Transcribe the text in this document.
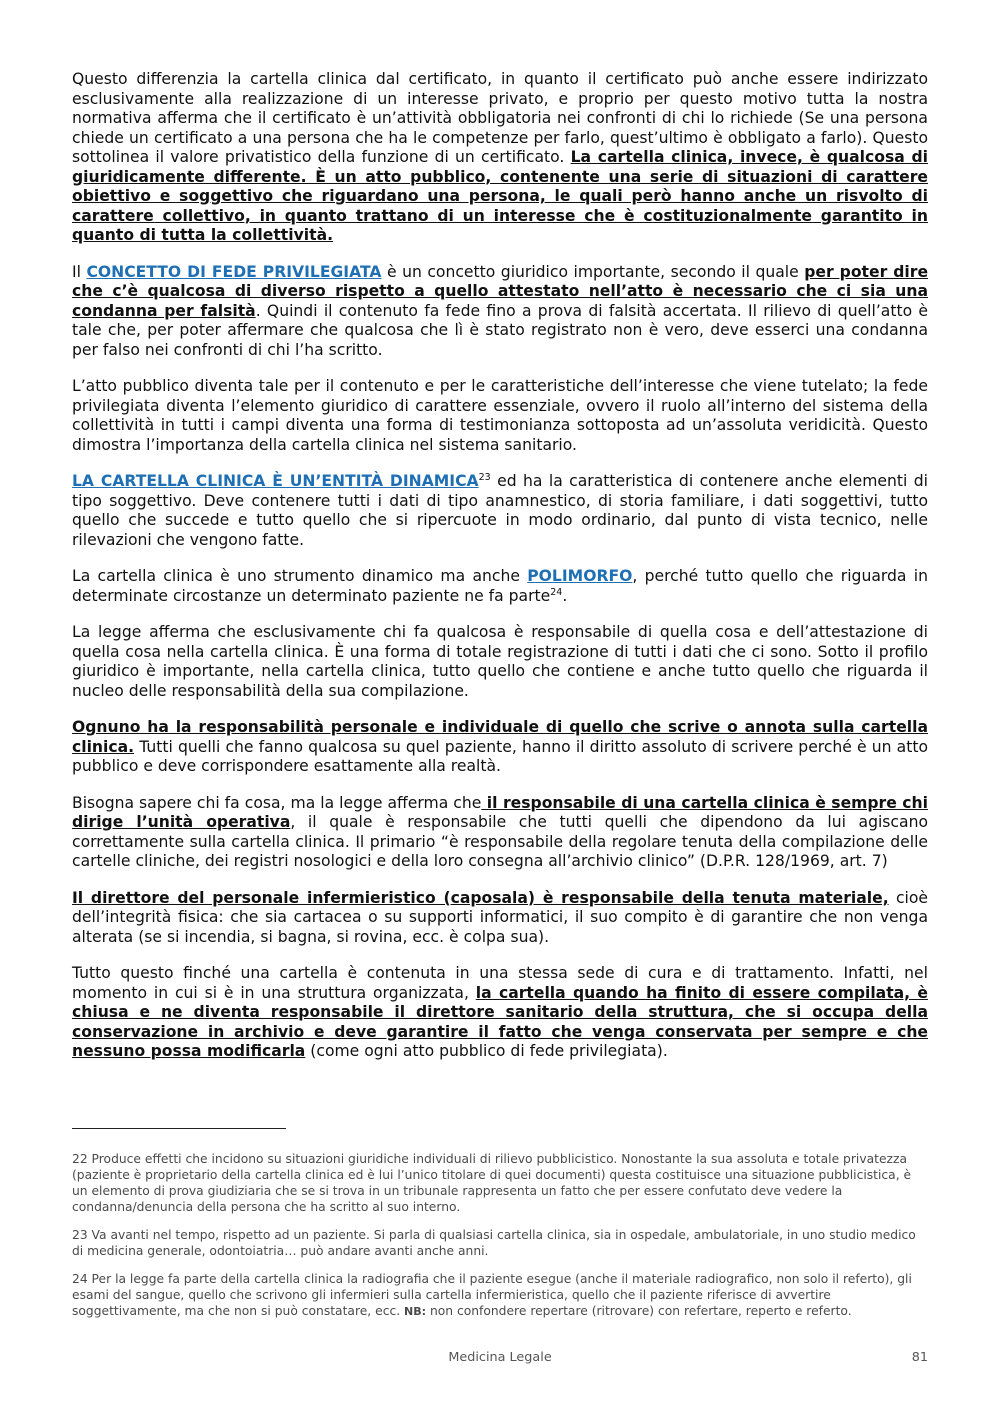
Questo differenzia la cartella clinica dal certificato, in quanto il certificato può anche essere indirizzato esclusivamente alla realizzazione di un interesse privato, e proprio per questo motivo tutta la nostra normativa afferma che il certificato è un’attività obbligatoria nei confronti di chi lo richiede (Se una persona chiede un certificato a una persona che ha le competenze per farlo, quest’ultimo è obbligato a farlo). Questo sottolinea il valore privatistico della funzione di un certificato. La cartella clinica, invece, è qualcosa di giuridicamente differente. È un atto pubblico, contenente una serie di situazioni di carattere obiettivo e soggettivo che riguardano una persona, le quali però hanno anche un risvolto di carattere collettivo, in quanto trattano di un interesse che è costituzionalmente garantito in quanto di tutta la collettività.

Il CONCETTO DI FEDE PRIVILEGIATA è un concetto giuridico importante, secondo il quale per poter dire che c’è qualcosa di diverso rispetto a quello attestato nell’atto è necessario che ci sia una condanna per falsità. Quindi il contenuto fa fede fino a prova di falsità accertata. Il rilievo di quell’atto è tale che, per poter affermare che qualcosa che lì è stato registrato non è vero, deve esserci una condanna per falso nei confronti di chi l’ha scritto.

L’atto pubblico diventa tale per il contenuto e per le caratteristiche dell’interesse che viene tutelato; la fede privilegiata diventa l’elemento giuridico di carattere essenziale, ovvero il ruolo all’interno del sistema della collettività in tutti i campi diventa una forma di testimonianza sottoposta ad un’assoluta veridicità. Questo dimostra l’importanza della cartella clinica nel sistema sanitario.

LA CARTELLA CLINICA È UN’ENTITÀ DINAMICA$^{23}$ ed ha la caratteristica di contenere anche elementi di tipo soggettivo. Deve contenere tutti i dati di tipo anamnestico, di storia familiare, i dati soggettivi, tutto quello che succede e tutto quello che si ripercuote in modo ordinario, dal punto di vista tecnico, nelle rilevazioni che vengono fatte.

La cartella clinica è uno strumento dinamico ma anche POLIMORFO, perché tutto quello che riguarda in determinate circostanze un determinato paziente ne fa parte$^{24}$.

La legge afferma che esclusivamente chi fa qualcosa è responsabile di quella cosa e dell’attestazione di quella cosa nella cartella clinica. È una forma di totale registrazione di tutti i dati che ci sono. Sotto il profilo giuridico è importante, nella cartella clinica, tutto quello che contiene e anche tutto quello che riguarda il nucleo delle responsabilità della sua compilazione.

Ognuno ha la responsabilità personale e individuale di quello che scrive o annota sulla cartella clinica. Tutti quelli che fanno qualcosa su quel paziente, hanno il diritto assoluto di scrivere perché è un atto pubblico e deve corrispondere esattamente alla realtà.

Bisogna sapere chi fa cosa, ma la legge afferma che il responsabile di una cartella clinica è sempre chi dirige l’unità operativa, il quale è responsabile che tutti quelli che dipendono da lui agiscano correttamente sulla cartella clinica. Il primario “è responsabile della regolare tenuta della compilazione delle cartelle cliniche, dei registri nosologici e della loro consegna all’archivio clinico” (D.P.R. 128/1969, art. 7)

Il direttore del personale infermieristico (caposala) è responsabile della tenuta materiale, cioè dell’integrità fisica: che sia cartacea o su supporti informatici, il suo compito è di garantire che non venga alterata (se si incendia, si bagna, si rovina, ecc. è colpa sua).

Tutto questo finché una cartella è contenuta in una stessa sede di cura e di trattamento. Infatti, nel momento in cui si è in una struttura organizzata, la cartella quando ha finito di essere compilata, è chiusa e ne diventa responsabile il direttore sanitario della struttura, che si occupa della conservazione in archivio e deve garantire il fatto che venga conservata per sempre e che nessuno possa modificarla (come ogni atto pubblico di fede privilegiata).

22 Produce effetti che incidono su situazioni giuridiche individuali di rilievo pubblicistico. Nonostante la sua assoluta e totale privatezza (paziente è proprietario della cartella clinica ed è lui l’unico titolare di quei documenti) questa costituisce una situazione pubblicistica, è un elemento di prova giudiziaria che se si trova in un tribunale rappresenta un fatto che per essere confutato deve vedere la condanna/denuncia della persona che ha scritto al suo interno.

23 Va avanti nel tempo, rispetto ad un paziente. Si parla di qualsiasi cartella clinica, sia in ospedale, ambulatoriale, in uno studio medico di medicina generale, odontoiatria… può andare avanti anche anni.

24 Per la legge fa parte della cartella clinica la radiografia che il paziente esegue (anche il materiale radiografico, non solo il referto), gli esami del sangue, quello che scrivono gli infermieri sulla cartella infermieristica, quello che il paziente riferisce di avvertire soggettivamente, ma che non si può constatare, ecc. NB: non confondere repertare (ritrovare) con refertare, reperto e referto.

Medicina Legale	81
